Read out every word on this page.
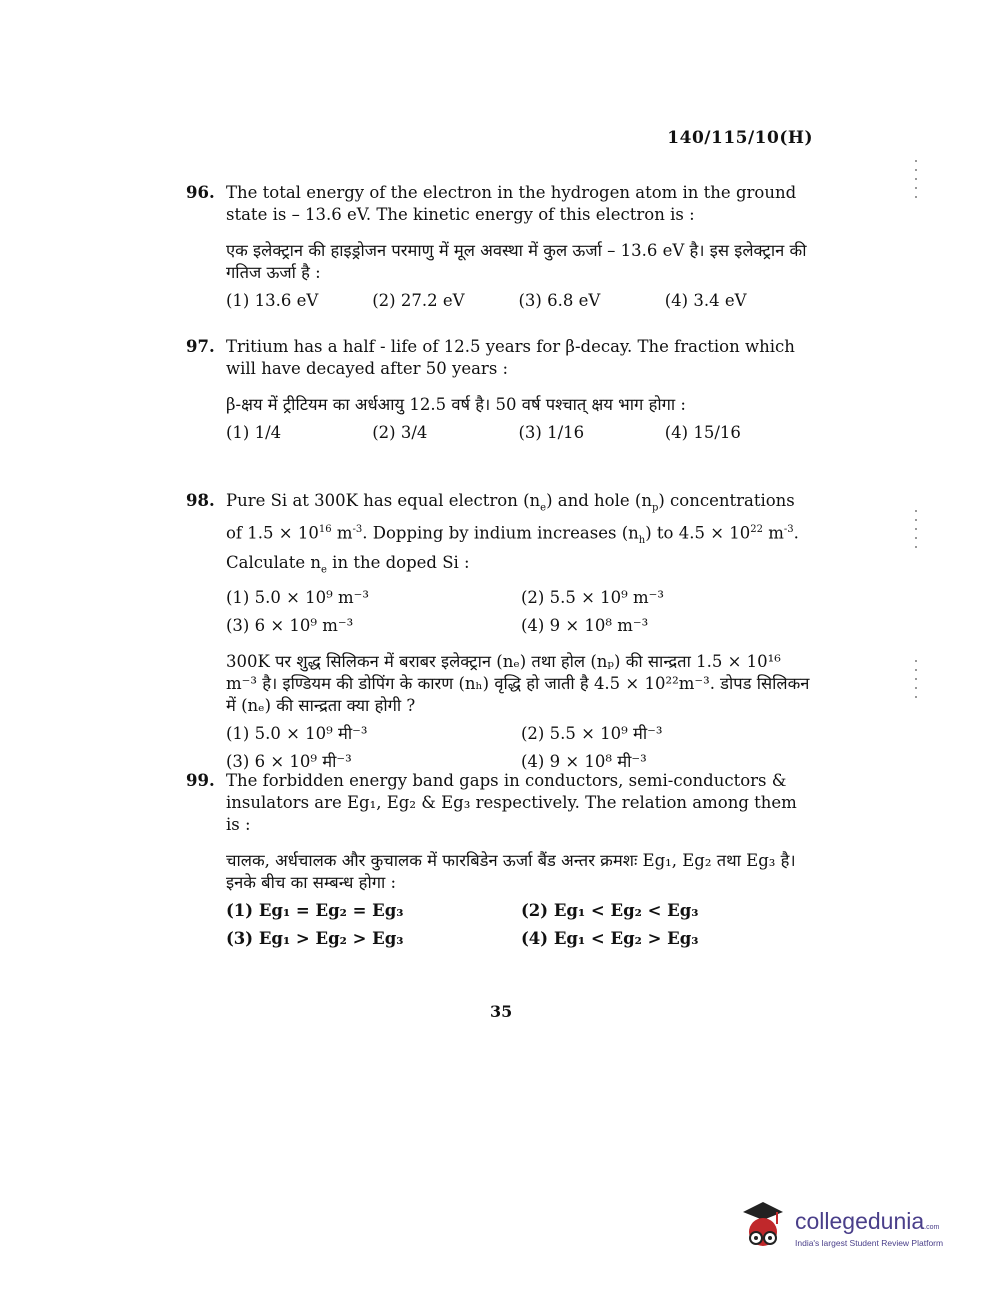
140/115/10(H)
96. The total energy of the electron in the hydrogen atom in the ground state is – 13.6 eV. The kinetic energy of this electron is :
एक इलेक्ट्रान की हाइड्रोजन परमाणु में मूल अवस्था में कुल ऊर्जा – 13.6 eV है। इस इलेक्ट्रान की गतिज ऊर्जा है :
(1) 13.6 eV	(2) 27.2 eV	(3) 6.8 eV	(4) 3.4 eV
97. Tritium has a half - life of 12.5 years for β-decay. The fraction which will have decayed after 50 years :
β-क्षय में ट्रीटियम का अर्धआयु 12.5 वर्ष है। 50 वर्ष पश्चात् क्षय भाग होगा :
(1) 1/4	(2) 3/4	(3) 1/16	(4) 15/16
98. Pure Si at 300K has equal electron $(n_e)$ and hole $(n_p)$ concentrations of $1.5 \times 10^{16}$ $m^{-3}$. Dopping by indium increases $(n_h)$ to $4.5 \times 10^{22}$ $m^{-3}$. Calculate $n_e$ in the doped Si :
(1) 5.0 × 10⁹ m⁻³	(2) 5.5 × 10⁹ m⁻³
(3) 6 × 10⁹ m⁻³	(4) 9 × 10⁸ m⁻³
300K पर शुद्ध सिलिकन में बराबर इलेक्ट्रान (nₑ) तथा होल (nₚ) की सान्द्रता 1.5 × 10¹⁶ m⁻³ है। इण्डियम की डोपिंग के कारण (nₕ) वृद्धि हो जाती है 4.5 × 10²²m⁻³. डोपड सिलिकन में (nₑ) की सान्द्रता क्या होगी ?
(1) 5.0 × 10⁹ मी⁻³	(2) 5.5 × 10⁹ मी⁻³
(3) 6 × 10⁹ मी⁻³	(4) 9 × 10⁸ मी⁻³
99. The forbidden energy band gaps in conductors, semi-conductors & insulators are Eg₁, Eg₂ & Eg₃ respectively. The relation among them is :
चालक, अर्धचालक और कुचालक में फारबिडेन ऊर्जा बैंड अन्तर क्रमशः Eg₁, Eg₂ तथा Eg₃ है। इनके बीच का सम्बन्ध होगा :
(1) Eg₁ = Eg₂ = Eg₃	(2) Eg₁ < Eg₂ < Eg₃
(3) Eg₁ > Eg₂ > Eg₃	(4) Eg₁ < Eg₂ > Eg₃
35
collegedunia.com
India's largest Student Review Platform
